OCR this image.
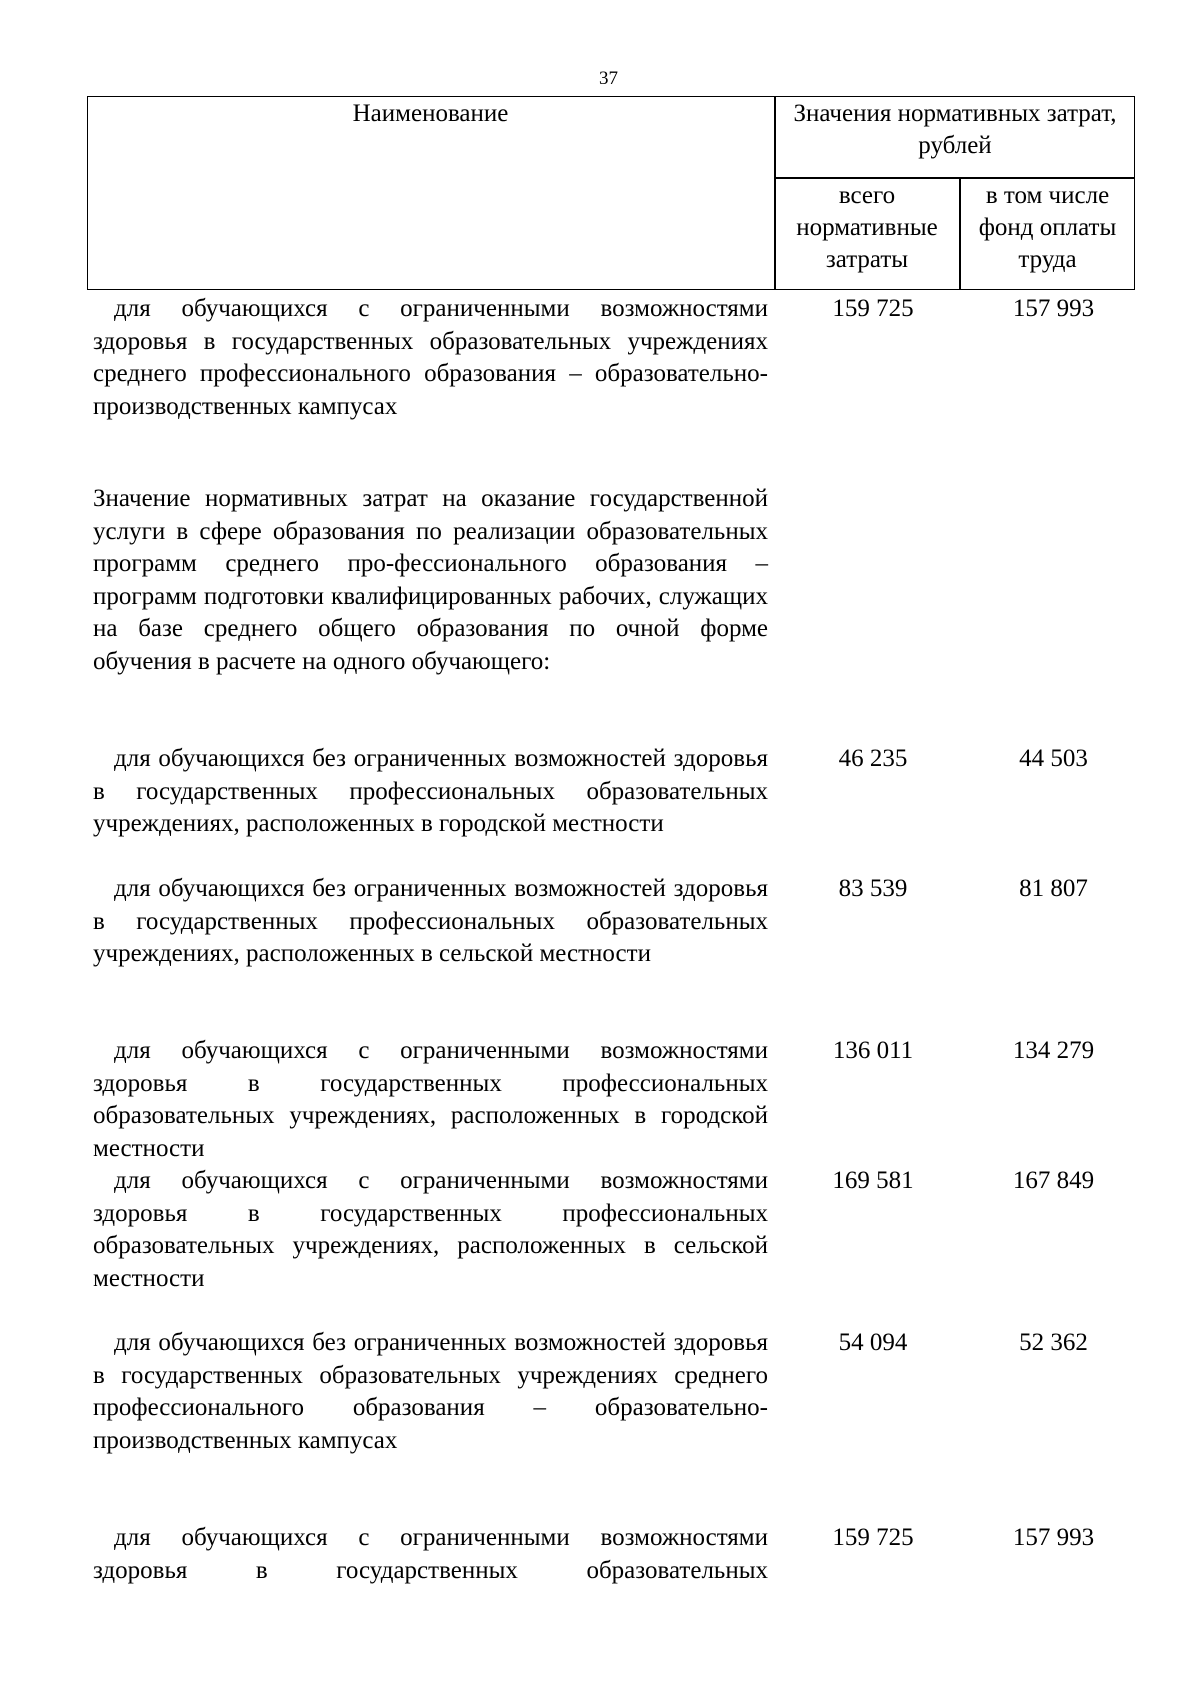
37
Наименование	Значения нормативных затрат, рублей
всего нормативные затраты
в том числе фонд оплаты труда
для обучающихся с ограниченными возможностями здоровья в государственных образовательных учреждениях среднего профессионального образования – образовательно-производственных кампусах
159 725	157 993
Значение нормативных затрат на оказание государственной услуги в сфере образования по реализации образовательных программ среднего про-фессионального образования – программ подготовки квалифицированных рабочих, служащих на базе среднего общего образования по очной форме обучения в расчете на одного обучающего:
для обучающихся без ограниченных возможностей здоровья в государственных профессиональных образовательных учреждениях, расположенных в городской местности
46 235	44 503
для обучающихся без ограниченных возможностей здоровья в государственных профессиональных образовательных учреждениях, расположенных в сельской местности
83 539	81 807
для обучающихся с ограниченными возможностями здоровья в государственных профессиональных образовательных учреждениях, расположенных в городской местности
136 011	134 279
для обучающихся с ограниченными возможностями здоровья в государственных профессиональных образовательных учреждениях, расположенных в сельской местности
169 581	167 849
для обучающихся без ограниченных возможностей здоровья в государственных образовательных учреждениях среднего профессионального образования – образовательно-производственных кампусах
54 094	52 362
для обучающихся с ограниченными возможностями здоровья в государственных образовательных
159 725	157 993
